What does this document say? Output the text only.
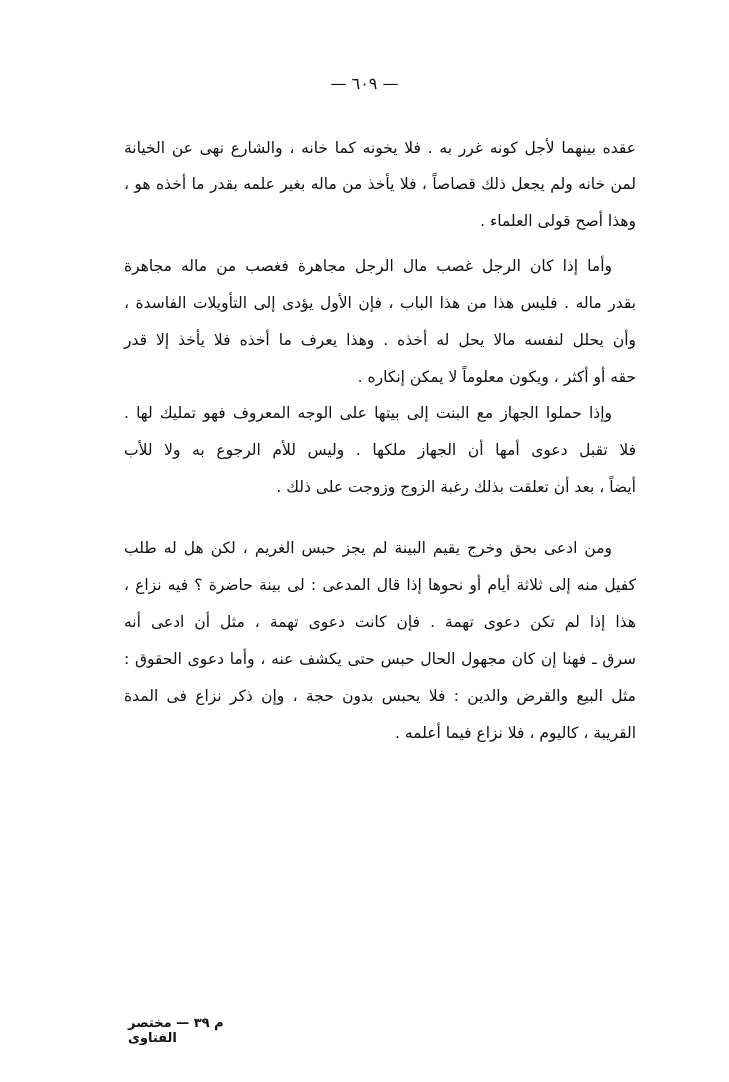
— ٦٠٩ —
عقده بينهما لأجل كونه غرر به . فلا يخونه كما خانه ، والشارع نهى عن الخيانة
لمن خانه ولم يجعل ذلك قصاصاً ، فلا يأخذ من ماله بغير علمه بقدر ما أخذه هو ،
وهذا أصح قولى العلماء .
وأما إذا كان الرجل غصب مال الرجل مجاهرة فغصب من ماله مجاهرة
بقدر ماله . فليس هذا من هذا الباب ، فإن الأول يؤدى إلى التأويلات الفاسدة ،
وأن يحلل لنفسه مالا يحل له أخذه . وهذا يعرف ما أخذه فلا يأخذ إلا قدر
حقه أو أكثر ، ويكون معلوماً لا يمكن إنكاره .
وإذا حملوا الجهاز مع البنت إلى بيتها على الوجه المعروف فهو تمليك لها .
فلا تقبل دعوى أمها أن الجهاز ملكها . وليس للأم الرجوع به ولا للأب
أيضاً ، بعد أن تعلقت بذلك رغبة الزوج وزوجت على ذلك .
ومن ادعى بحق وخرج يقيم البينة لم يجز حبس الغريم ، لكن هل له طلب
كفيل منه إلى ثلاثة أيام أو نحوها إذا قال المدعى : لى بينة حاضرة ؟ فيه نزاع ،
هذا إذا لم تكن دعوى تهمة . فإن كانت دعوى تهمة ، مثل أن ادعى أنه
سرق ـ فهنا إن كان مجهول الحال حبس حتى يكشف عنه ، وأما دعوى الحقوق :
مثل البيع والقرض والدين : فلا يحبس بدون حجة ، وإن ذكر نزاع فى المدة
القريبة ، كاليوم ، فلا نزاع فيما أعلمه .
م ٣٩ — مختصر الفتاوى
